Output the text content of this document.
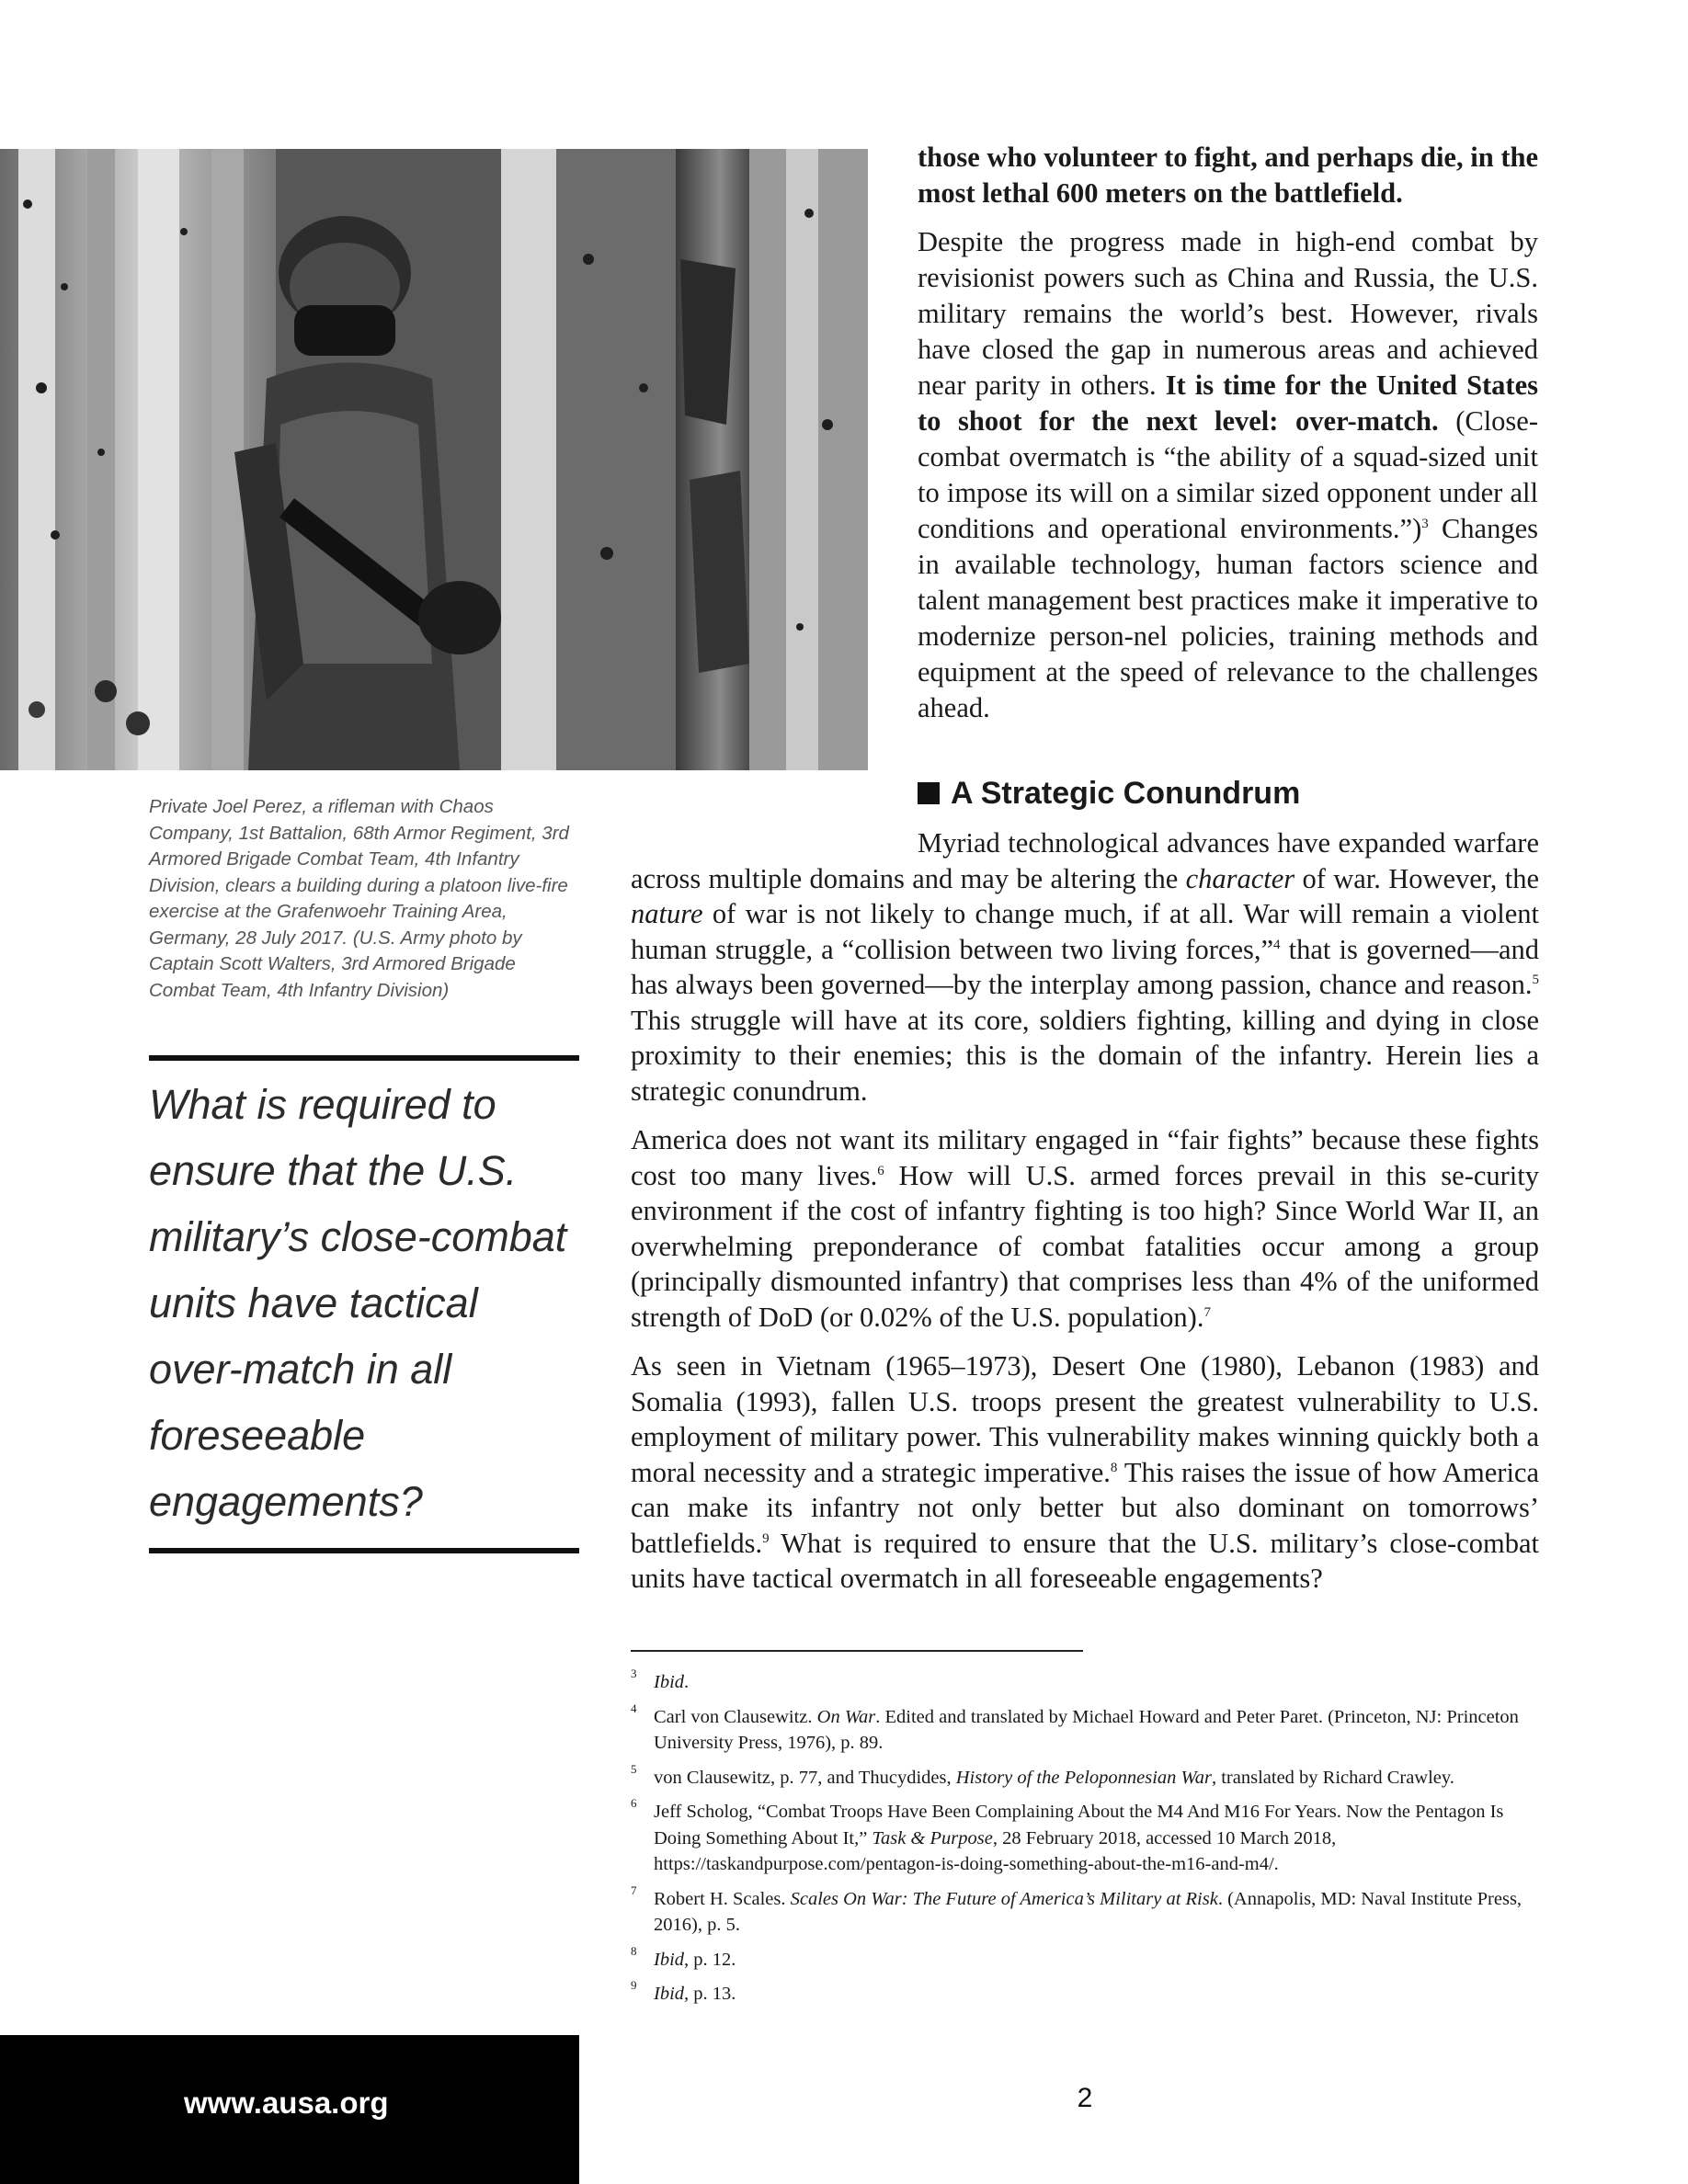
Private Joel Perez, a rifleman with Chaos Company, 1st Battalion, 68th Armor Regiment, 3rd Armored Brigade Combat Team, 4th Infantry Division, clears a building during a platoon live-fire exercise at the Grafenwoehr Training Area, Germany, 28 July 2017. (U.S. Army photo by Captain Scott Walters, 3rd Armored Brigade Combat Team, 4th Infantry Division)

What is required to ensure that the U.S. military’s close-combat units have tactical over-match in all foreseeable engagements?

those who volunteer to fight, and perhaps die, in the most lethal 600 meters on the battlefield.

Despite the progress made in high-end combat by revisionist powers such as China and Russia, the U.S. military remains the world’s best. However, rivals have closed the gap in numerous areas and achieved near parity in others. It is time for the United States to shoot for the next level: over-match. (Close-combat overmatch is “the ability of a squad-sized unit to impose its will on a similar sized opponent under all conditions and operational environments.”)$^3$ Changes in available technology, human factors science and talent management best practices make it imperative to modernize person-nel policies, training methods and equipment at the speed of relevance to the challenges ahead.

A Strategic Conundrum

Myriad technological advances have expanded warfare across multiple domains and may be altering the character of war. However, the nature of war is not likely to change much, if at all. War will remain a violent human struggle, a “collision between two living forces,”$^4$ that is governed—and has always been governed—by the interplay among passion, chance and reason.$^5$ This struggle will have at its core, soldiers fighting, killing and dying in close proximity to their enemies; this is the domain of the infantry. Herein lies a strategic conundrum.

America does not want its military engaged in “fair fights” because these fights cost too many lives.$^6$ How will U.S. armed forces prevail in this se-curity environment if the cost of infantry fighting is too high? Since World War II, an overwhelming preponderance of combat fatalities occur among a group (principally dismounted infantry) that comprises less than 4% of the uniformed strength of DoD (or 0.02% of the U.S. population).$^7$

As seen in Vietnam (1965–1973), Desert One (1980), Lebanon (1983) and Somalia (1993), fallen U.S. troops present the greatest vulnerability to U.S. employment of military power. This vulnerability makes winning quickly both a moral necessity and a strategic imperative.$^8$ This raises the issue of how America can make its infantry not only better but also dominant on tomorrows’ battlefields.$^9$ What is required to ensure that the U.S. military’s close-combat units have tactical overmatch in all foreseeable engagements?

3 Ibid.
4 Carl von Clausewitz. On War. Edited and translated by Michael Howard and Peter Paret. (Princeton, NJ: Princeton University Press, 1976), p. 89.
5 von Clausewitz, p. 77, and Thucydides, History of the Peloponnesian War, translated by Richard Crawley.
6 Jeff Scholog, “Combat Troops Have Been Complaining About the M4 And M16 For Years. Now the Pentagon Is Doing Something About It,” Task & Purpose, 28 February 2018, accessed 10 March 2018, https://taskandpurpose.com/pentagon-is-doing-something-about-the-m16-and-m4/.
7 Robert H. Scales. Scales On War: The Future of America’s Military at Risk. (Annapolis, MD: Naval Institute Press, 2016), p. 5.
8 Ibid, p. 12.
9 Ibid, p. 13.
www.ausa.org	2
